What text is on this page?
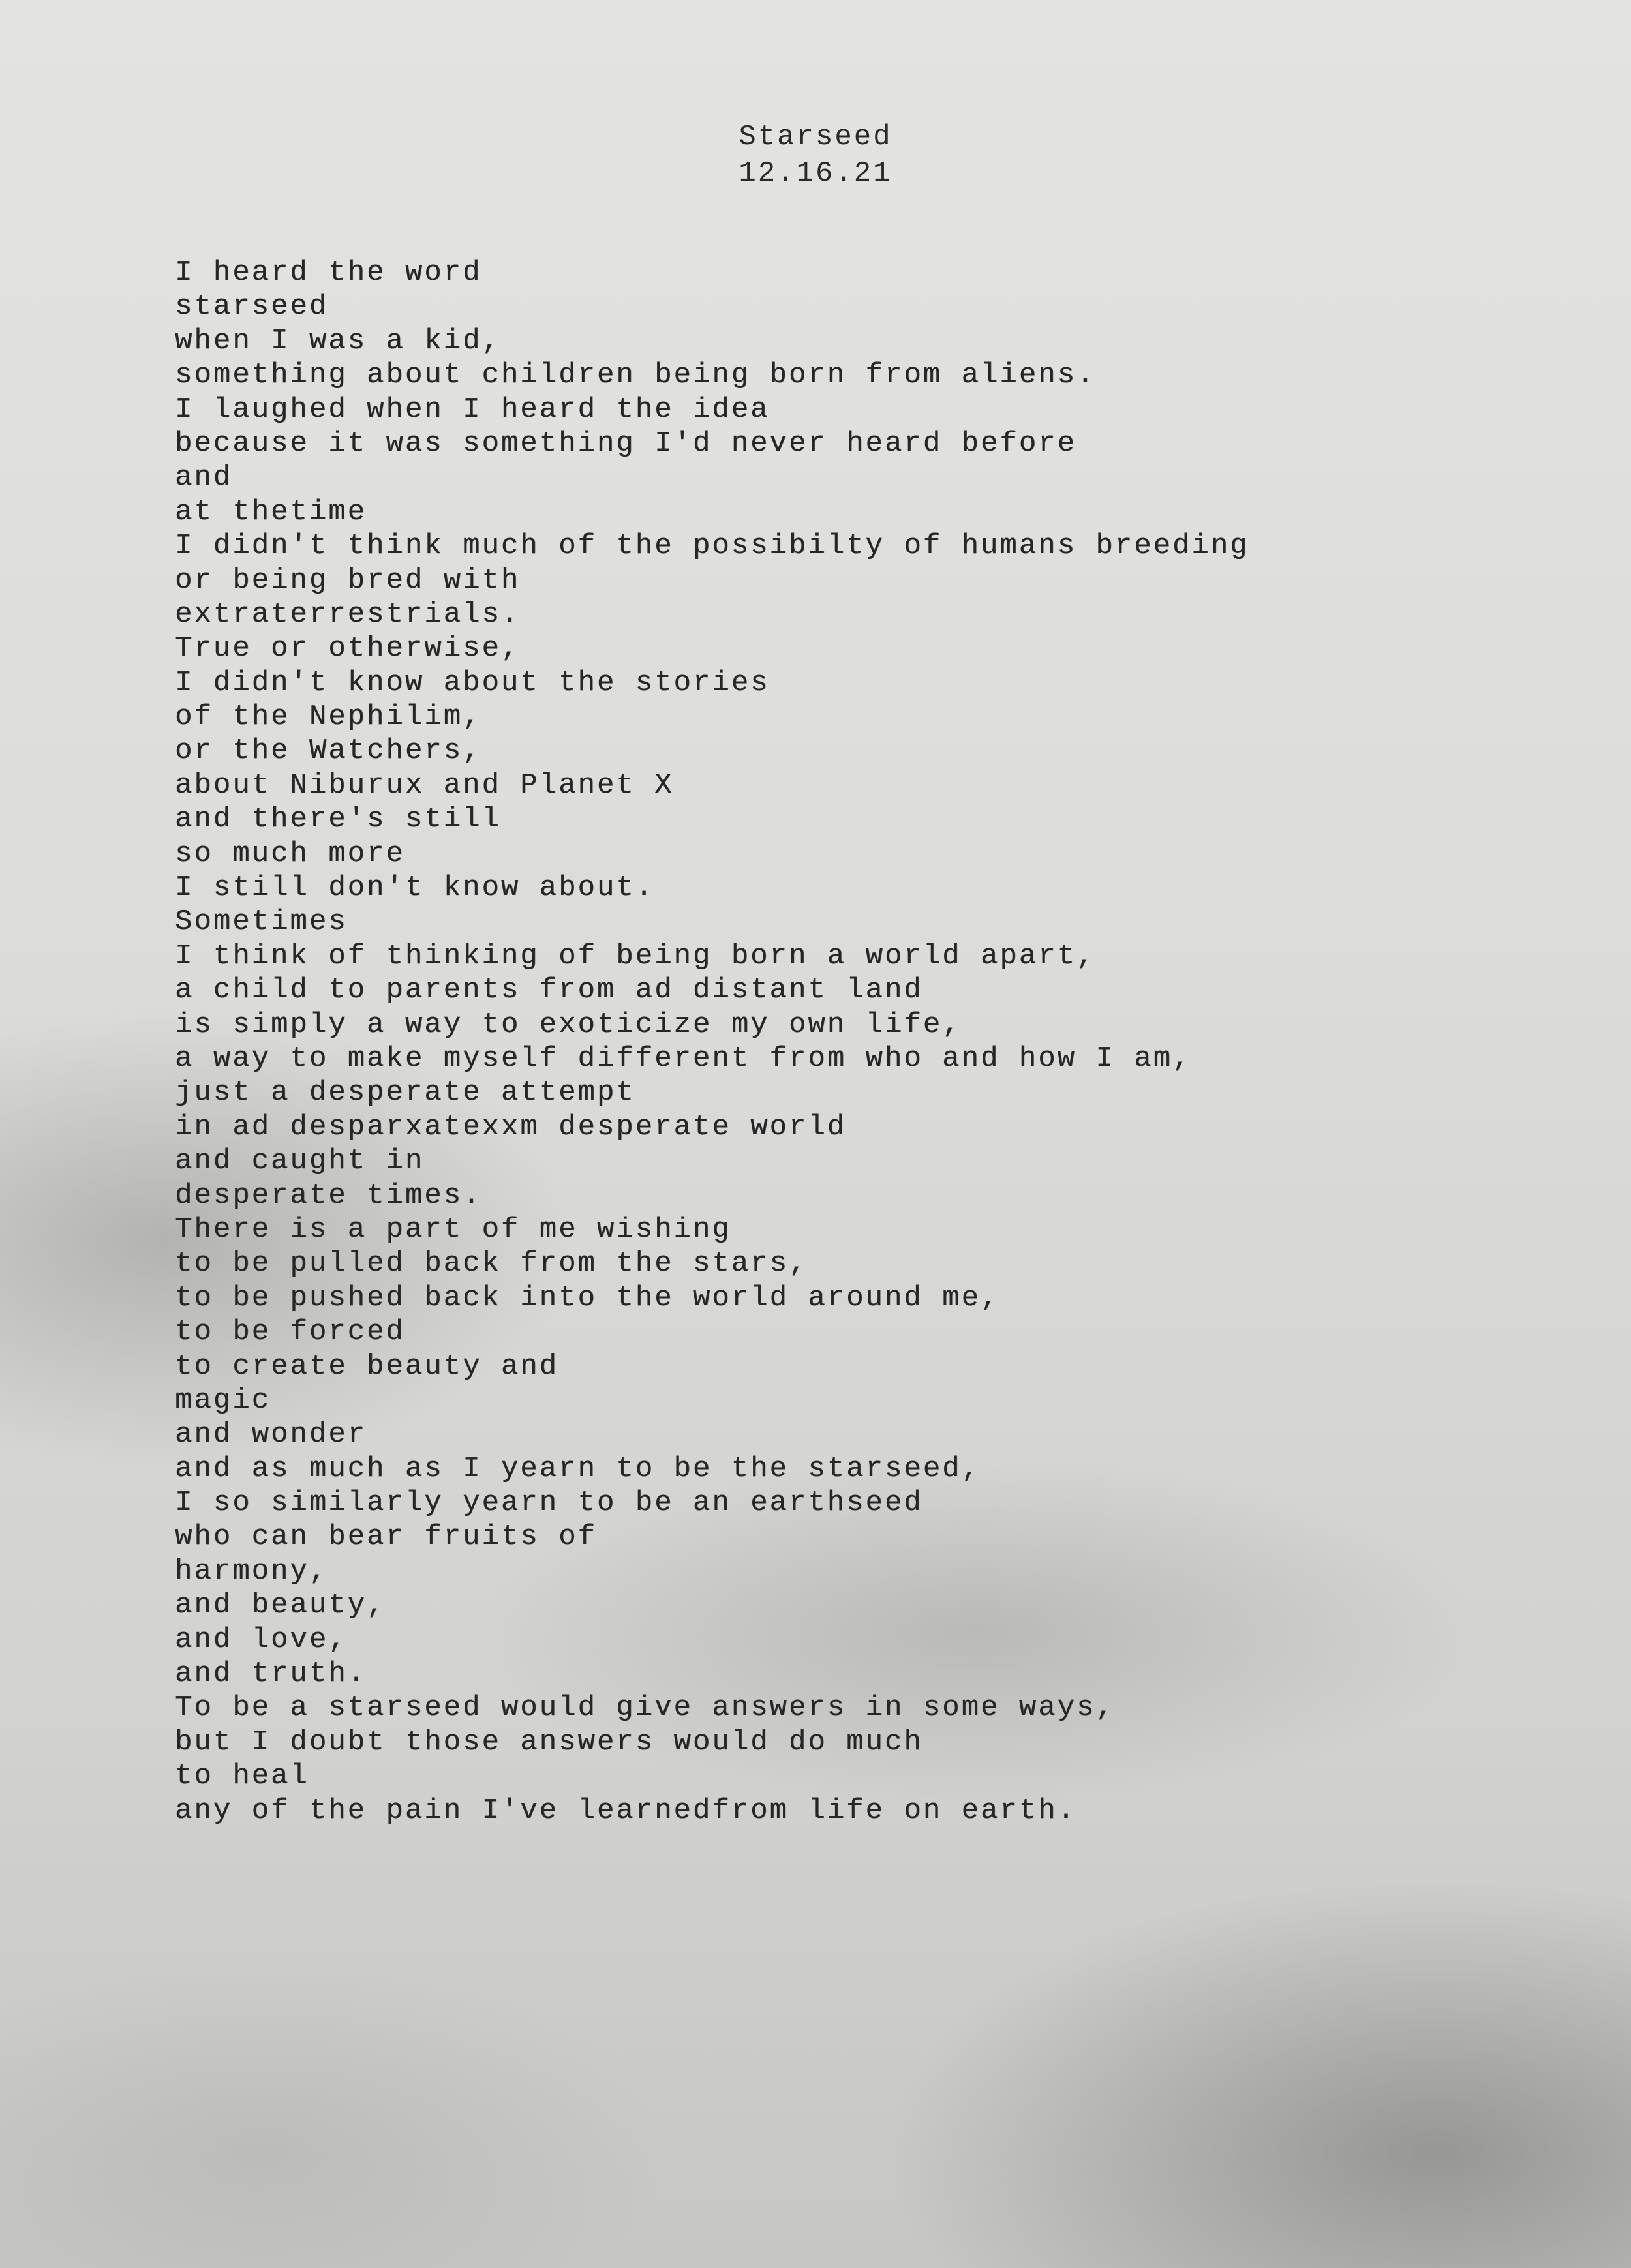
Starseed
12.16.21
I heard the word
starseed
when I was a kid,
something about children being born from aliens.
I laughed when I heard the idea
because it was something I'd never heard before
and
at thetime
I didn't think much of the possibilty of humans breeding
or being bred with
extraterrestrials.
True or otherwise,
I didn't know about the stories
of the Nephilim,
or the Watchers,
about Niburux and Planet X
and there's still
so much more
I still don't know about.
Sometimes
I think of thinking of being born a world apart,
a child to parents from ad distant land
is simply a way to exoticize my own life,
a way to make myself different from who and how I am,
just a desperate attempt
in ad desparxatexxm desperate world
and caught in
desperate times.
There is a part of me wishing
to be pulled back from the stars,
to be pushed back into the world around me,
to be forced
to create beauty and
magic
and wonder
and as much as I yearn to be the starseed,
I so similarly yearn to be an earthseed
who can bear fruits of
harmony,
and beauty,
and love,
and truth.
To be a starseed would give answers in some ways,
but I doubt those answers would do much
to heal
any of the pain I've learnedfrom life on earth.
